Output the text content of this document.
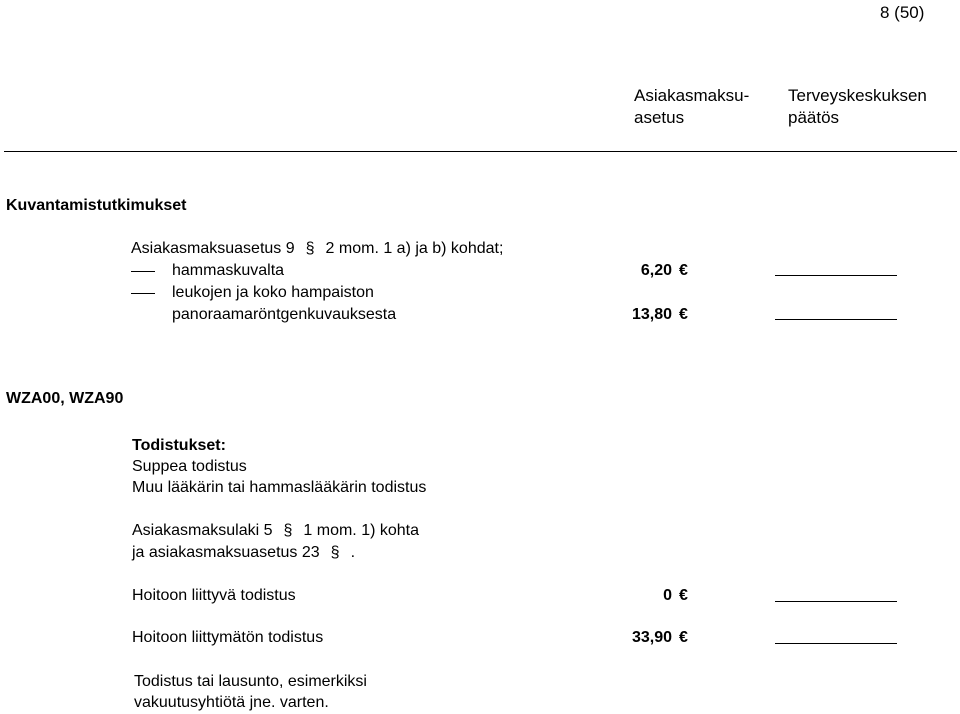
8 (50)
Asiakasmaksu-
asetus
Terveyskeskuksen
päätös
Kuvantamistutkimukset
Asiakasmaksuasetus 9 § 2 mom. 1 a) ja b) kohdat;
hammaskuvalta	6,20 €
leukojen ja koko hampaiston
panoraamaröntgenkuvauksesta	13,80 €
WZA00, WZA90
Todistukset:
Suppea todistus
Muu lääkärin tai hammaslääkärin todistus
Asiakasmaksulaki 5 § 1 mom. 1) kohta
ja asiakasmaksuasetus 23 § .
Hoitoon liittyvä todistus	0 €
Hoitoon liittymätön todistus	33,90 €
Todistus tai lausunto, esimerkiksi
vakuutusyhtiötä jne. varten.
